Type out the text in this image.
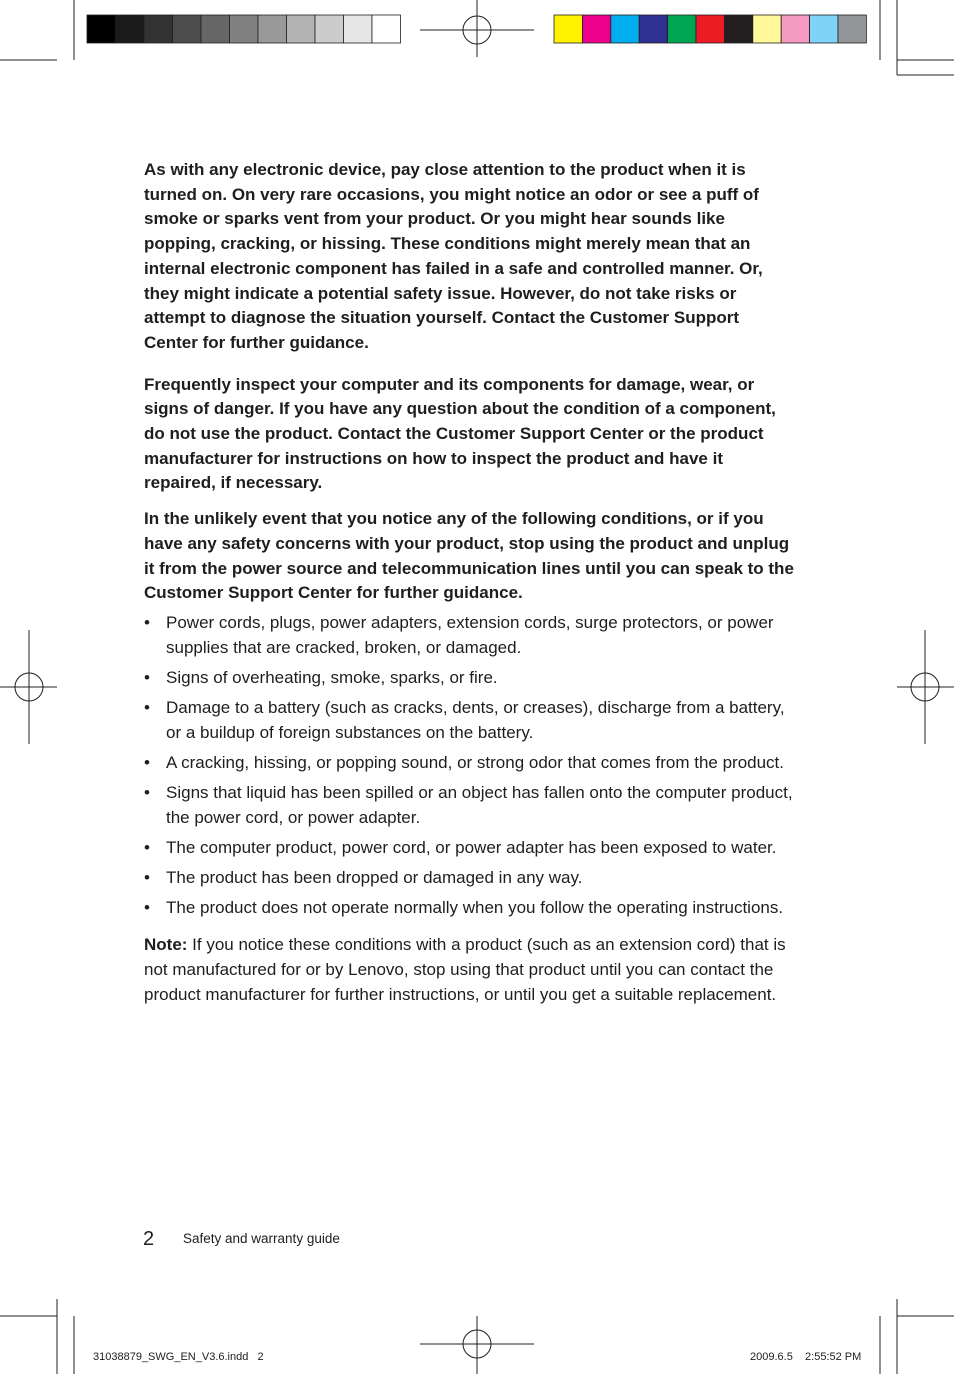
As with any electronic device, pay close attention to the product when it is turned on. On very rare occasions, you might notice an odor or see a puff of smoke or sparks vent from your product. Or you might hear sounds like popping, cracking, or hissing. These conditions might merely mean that an internal electronic component has failed in a safe and controlled manner. Or, they might indicate a potential safety issue. However, do not take risks or attempt to diagnose the situation yourself. Contact the Customer Support Center for further guidance.

Frequently inspect your computer and its components for damage, wear, or signs of danger. If you have any question about the condition of a component, do not use the product. Contact the Customer Support Center or the product manufacturer for instructions on how to inspect the product and have it repaired, if necessary.

In the unlikely event that you notice any of the following conditions, or if you have any safety concerns with your product, stop using the product and unplug it from the power source and telecommunication lines until you can speak to the Customer Support Center for further guidance.

• Power cords, plugs, power adapters, extension cords, surge protectors, or power supplies that are cracked, broken, or damaged.
• Signs of overheating, smoke, sparks, or fire.
• Damage to a battery (such as cracks, dents, or creases), discharge from a battery, or a buildup of foreign substances on the battery.
• A cracking, hissing, or popping sound, or strong odor that comes from the product.
• Signs that liquid has been spilled or an object has fallen onto the computer product, the power cord, or power adapter.
• The computer product, power cord, or power adapter has been exposed to water.
• The product has been dropped or damaged in any way.
• The product does not operate normally when you follow the operating instructions.

Note: If you notice these conditions with a product (such as an extension cord) that is not manufactured for or by Lenovo, stop using that product until you can contact the product manufacturer for further instructions, or until you get a suitable replacement.

2 Safety and warranty guide
31038879_SWG_EN_V3.6.indd   2	2009.6.5    2:55:52 PM
